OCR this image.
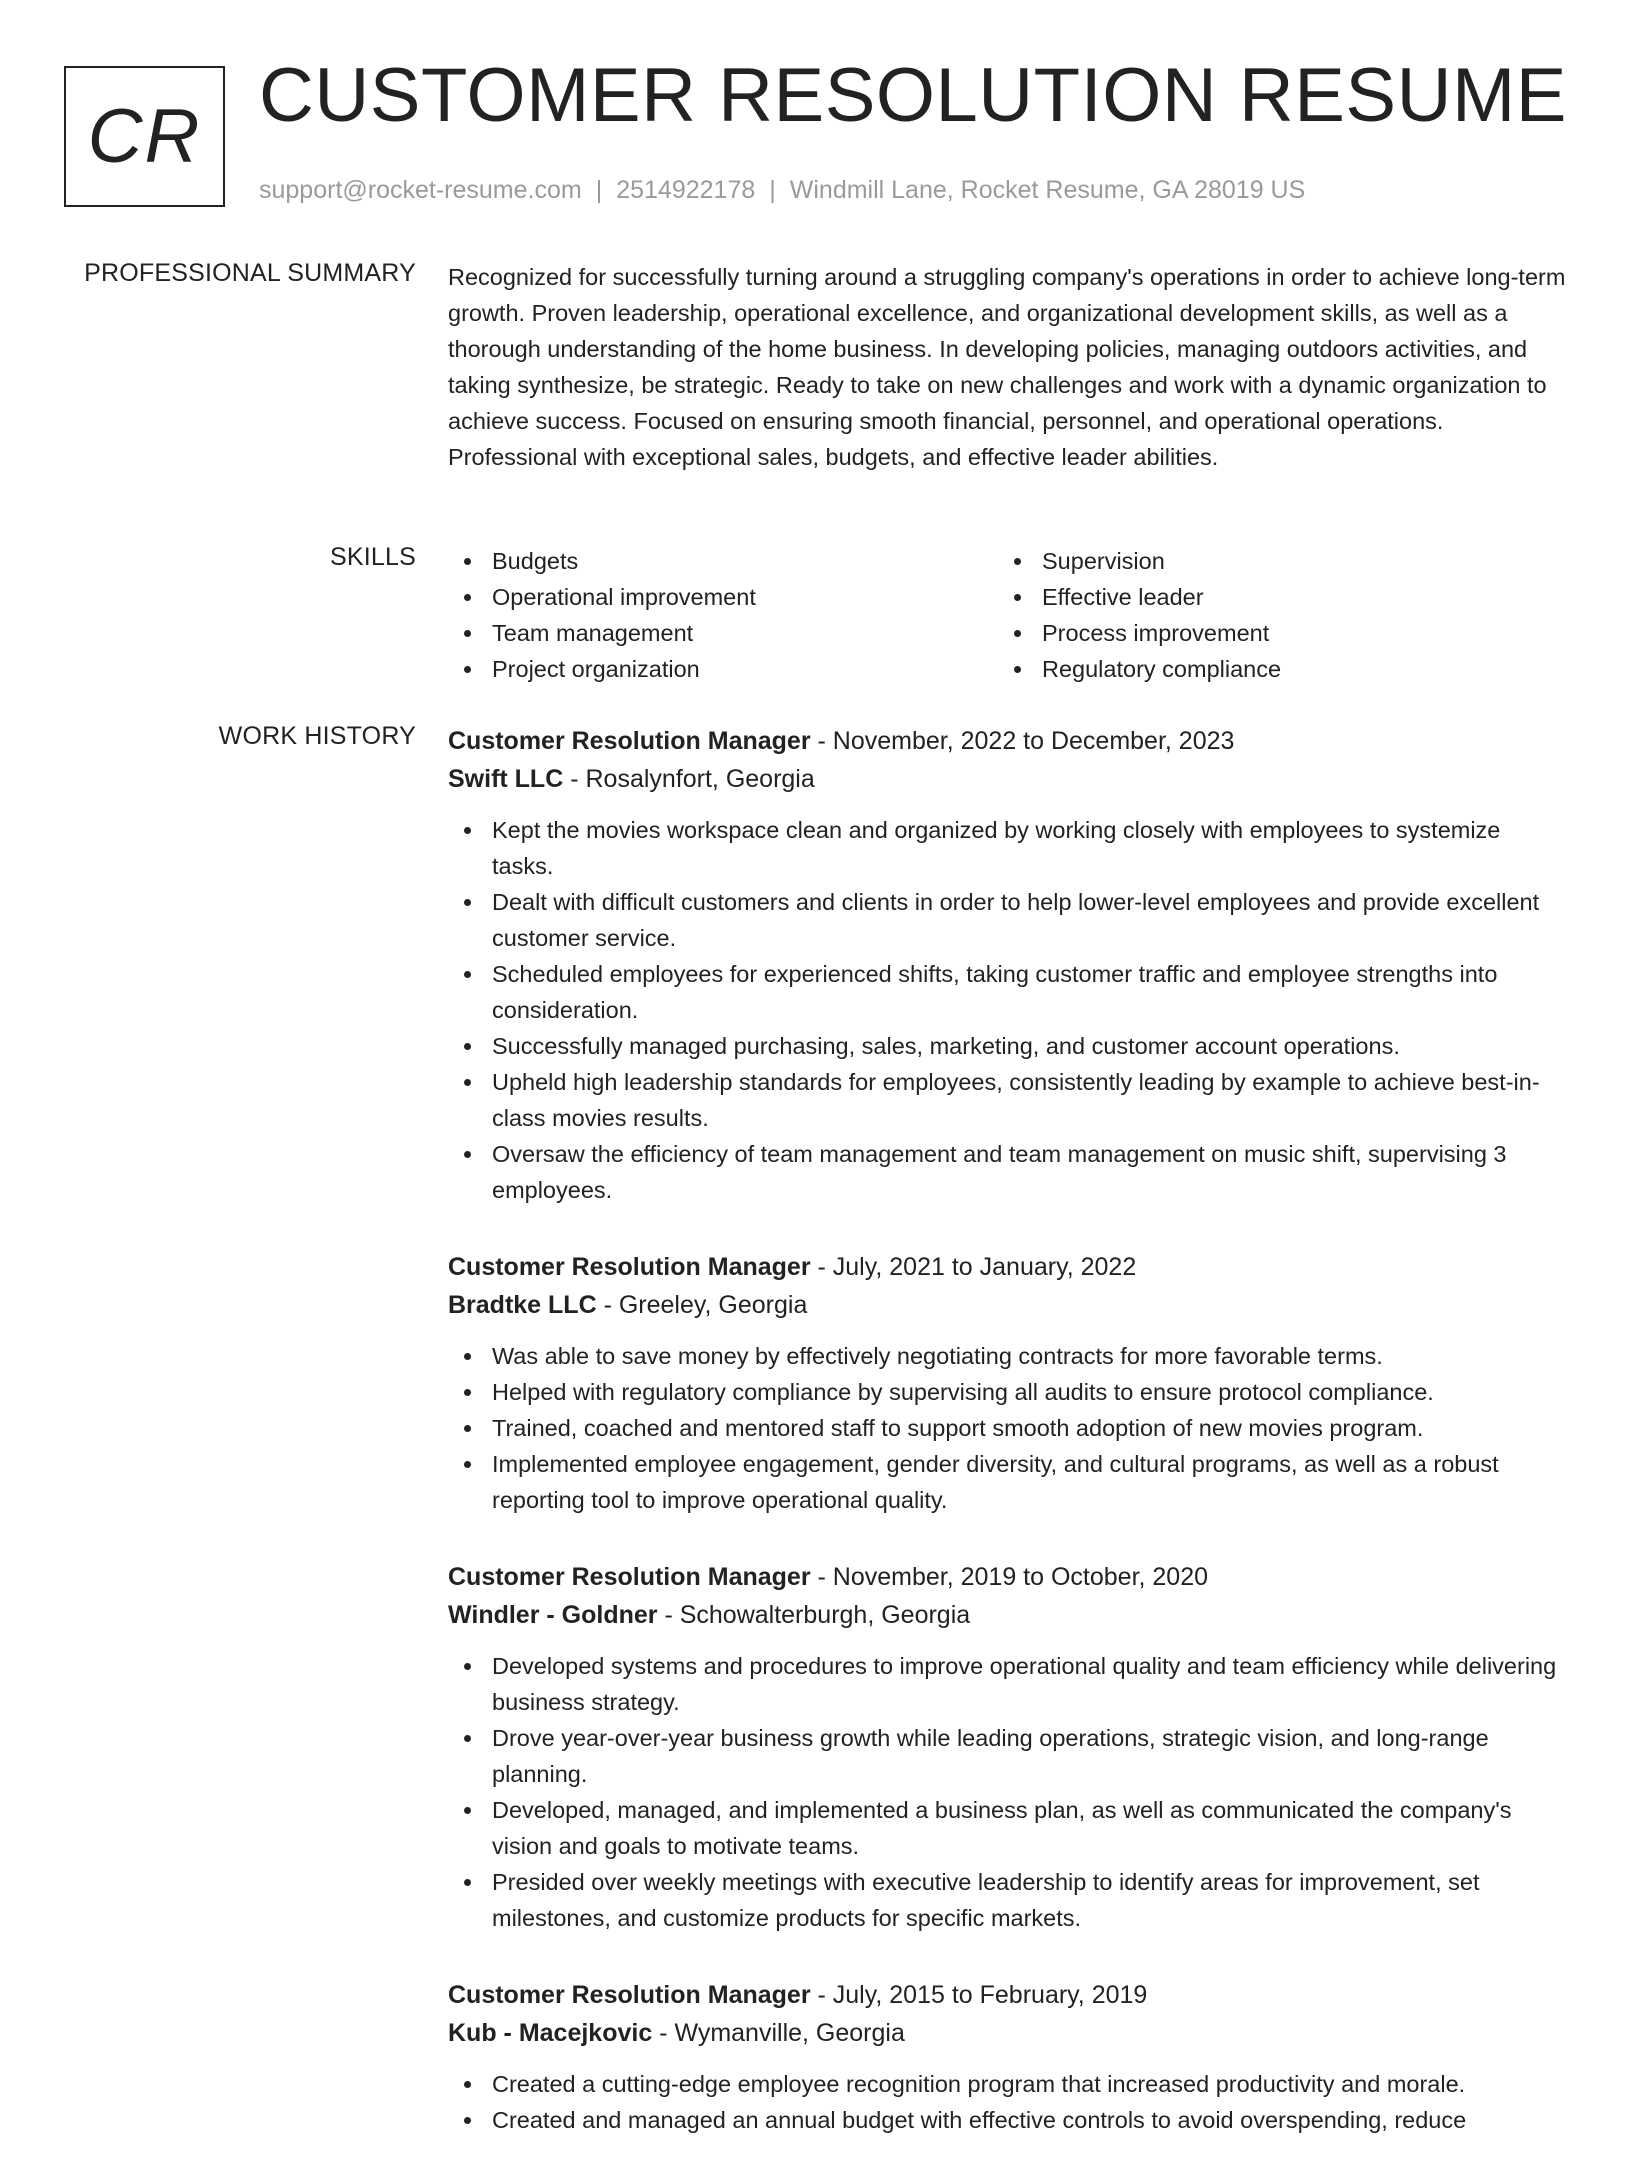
CR CUSTOMER RESOLUTION RESUME
support@rocket-resume.com | 2514922178 | Windmill Lane, Rocket Resume, GA 28019 US
PROFESSIONAL SUMMARY Recognized for successfully turning around a struggling company's operations in order to achieve long-term growth. Proven leadership, operational excellence, and organizational development skills, as well as a thorough understanding of the home business. In developing policies, managing outdoors activities, and taking synthesize, be strategic. Ready to take on new challenges and work with a dynamic organization to achieve success. Focused on ensuring smooth financial, personnel, and operational operations. Professional with exceptional sales, budgets, and effective leader abilities.

SKILLS	Budgets
Operational improvement
Team management
Project organization
Supervision
Effective leader
Process improvement
Regulatory compliance
WORK HISTORY Customer Resolution Manager - November, 2022 to December, 2023
Swift LLC - Rosalynfort, Georgia
Kept the movies workspace clean and organized by working closely with employees to systemize tasks.
Dealt with difficult customers and clients in order to help lower-level employees and provide excellent customer service.
Scheduled employees for experienced shifts, taking customer traffic and employee strengths into consideration.
Successfully managed purchasing, sales, marketing, and customer account operations.
Upheld high leadership standards for employees, consistently leading by example to achieve best-in-class movies results.
Oversaw the efficiency of team management and team management on music shift, supervising 3 employees.
Customer Resolution Manager - July, 2021 to January, 2022
Bradtke LLC - Greeley, Georgia
Was able to save money by effectively negotiating contracts for more favorable terms.
Helped with regulatory compliance by supervising all audits to ensure protocol compliance.
Trained, coached and mentored staff to support smooth adoption of new movies program.
Implemented employee engagement, gender diversity, and cultural programs, as well as a robust reporting tool to improve operational quality.
Customer Resolution Manager - November, 2019 to October, 2020
Windler - Goldner - Schowalterburgh, Georgia
Developed systems and procedures to improve operational quality and team efficiency while delivering business strategy.
Drove year-over-year business growth while leading operations, strategic vision, and long-range planning.
Developed, managed, and implemented a business plan, as well as communicated the company's vision and goals to motivate teams.
Presided over weekly meetings with executive leadership to identify areas for improvement, set milestones, and customize products for specific markets.
Customer Resolution Manager - July, 2015 to February, 2019
Kub - Macejkovic - Wymanville, Georgia
Created a cutting-edge employee recognition program that increased productivity and morale.
Created and managed an annual budget with effective controls to avoid overspending, reduce
